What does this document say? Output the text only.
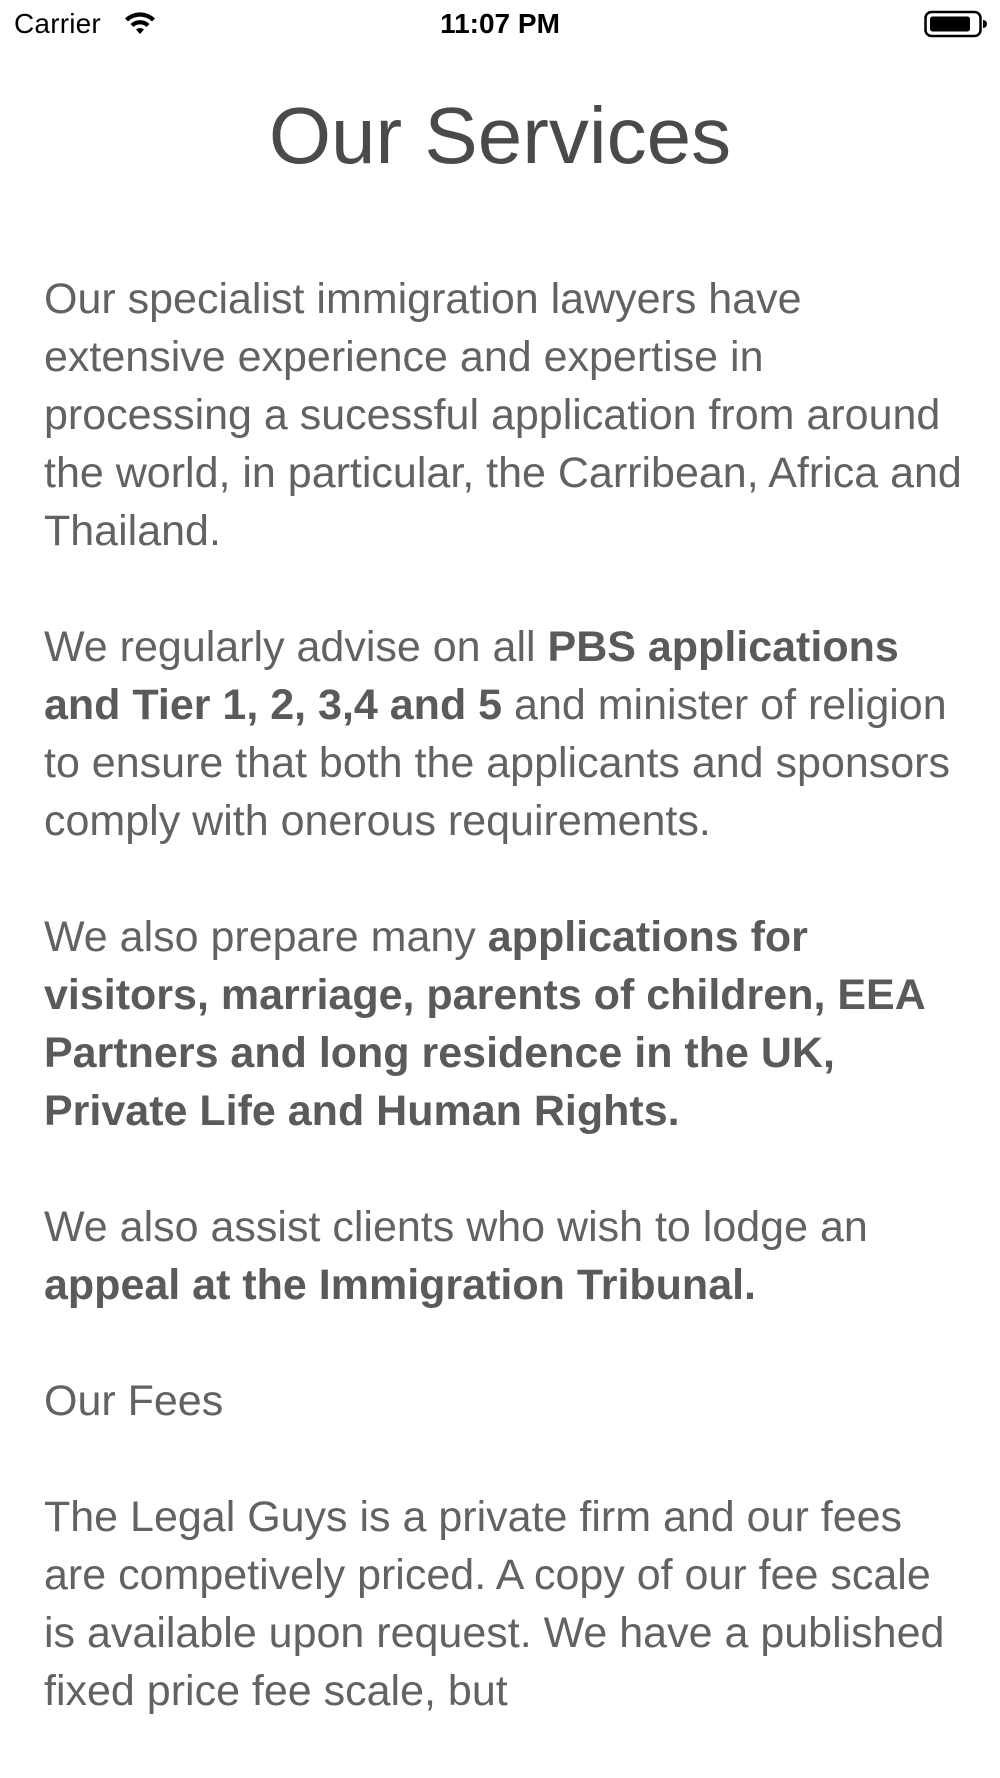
Carrier	11:07 PM
Our Services

Our specialist immigration lawyers have extensive experience and expertise in processing a sucessful application from around the world, in particular, the Carribean, Africa and Thailand.

We regularly advise on all PBS applications and Tier 1, 2, 3,4 and 5 and minister of religion to ensure that both the applicants and sponsors comply with onerous requirements.

We also prepare many applications for visitors, marriage, parents of children, EEA Partners and long residence in the UK, Private Life and Human Rights.

We also assist clients who wish to lodge an appeal at the Immigration Tribunal.

Our Fees

The Legal Guys is a private firm and our fees are competively priced. A copy of our fee scale is available upon request. We have a published fixed price fee scale, but
